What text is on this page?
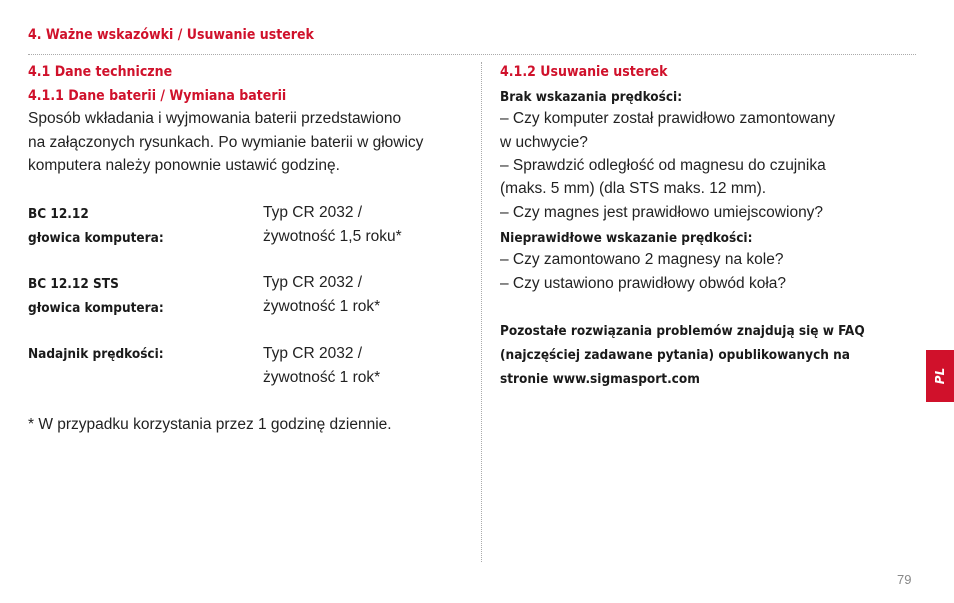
4. Ważne wskazówki / Usuwanie usterek
4.1 Dane techniczne
4.1.1 Dane baterii / Wymiana baterii
Sposób wkładania i wyjmowania baterii przedstawiono
na załączonych rysunkach. Po wymianie baterii w głowicy
komputera należy ponownie ustawić godzinę.
BC 12.12
głowica komputera:
Typ CR 2032 /
żywotność 1,5 roku*
BC 12.12 STS
głowica komputera:
Typ CR 2032 /
żywotność 1 rok*
Nadajnik prędkości:	Typ CR 2032 /
żywotność 1 rok*
* W przypadku korzystania przez 1 godzinę dziennie.
4.1.2 Usuwanie usterek
Brak wskazania prędkości:
– Czy komputer został prawidłowo zamontowany
w uchwycie?
– Sprawdzić odległość od magnesu do czujnika
(maks. 5 mm) (dla STS maks. 12 mm).
– Czy magnes jest prawidłowo umiejscowiony?
Nieprawidłowe wskazanie prędkości:
– Czy zamontowano 2 magnesy na kole?
– Czy ustawiono prawidłowy obwód koła?
Pozostałe rozwiązania problemów znajdują się w FAQ
(najczęściej zadawane pytania) opublikowanych na
stronie www.sigmasport.com	PL
79
